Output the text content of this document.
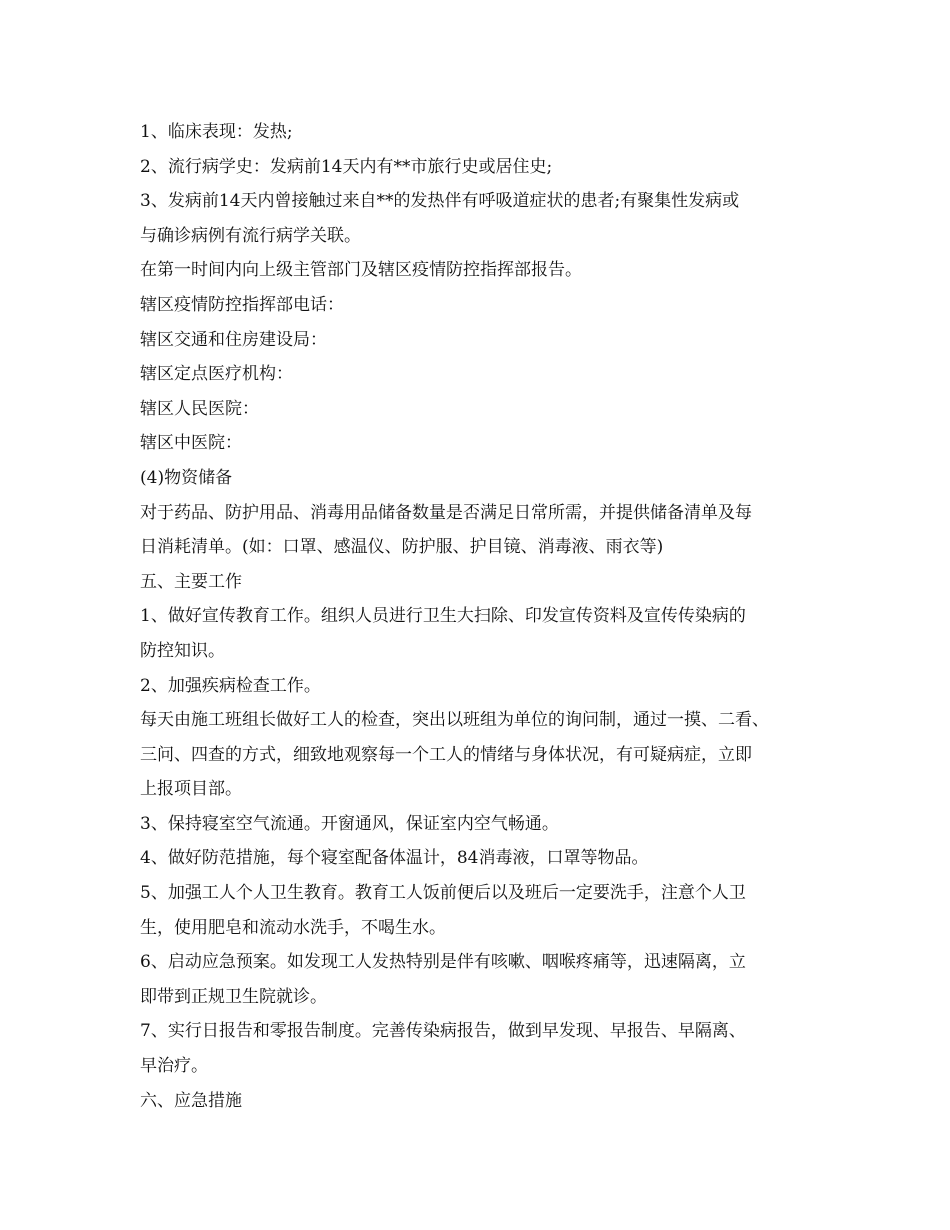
1、临床表现：发热;

2、流行病学史：发病前14天内有**市旅行史或居住史;

3、发病前14天内曾接触过来自**的发热伴有呼吸道症状的患者;有聚集性发病或

与确诊病例有流行病学关联。

在第一时间内向上级主管部门及辖区疫情防控指挥部报告。

辖区疫情防控指挥部电话：

辖区交通和住房建设局：

辖区定点医疗机构：

辖区人民医院：

辖区中医院：

(4)物资储备

对于药品、防护用品、消毒用品储备数量是否满足日常所需，并提供储备清单及每

日消耗清单。(如：口罩、感温仪、防护服、护目镜、消毒液、雨衣等)

五、主要工作

1、做好宣传教育工作。组织人员进行卫生大扫除、印发宣传资料及宣传传染病的

防控知识。

2、加强疾病检查工作。

每天由施工班组长做好工人的检查，突出以班组为单位的询问制，通过一摸、二看、

三问、四查的方式，细致地观察每一个工人的情绪与身体状况，有可疑病症，立即

上报项目部。

3、保持寝室空气流通。开窗通风，保证室内空气畅通。

4、做好防范措施，每个寝室配备体温计，84消毒液，口罩等物品。

5、加强工人个人卫生教育。教育工人饭前便后以及班后一定要洗手，注意个人卫

生，使用肥皂和流动水洗手，不喝生水。

6、启动应急预案。如发现工人发热特别是伴有咳嗽、咽喉疼痛等，迅速隔离，立

即带到正规卫生院就诊。

7、实行日报告和零报告制度。完善传染病报告，做到早发现、早报告、早隔离、

早治疗。

六、应急措施
